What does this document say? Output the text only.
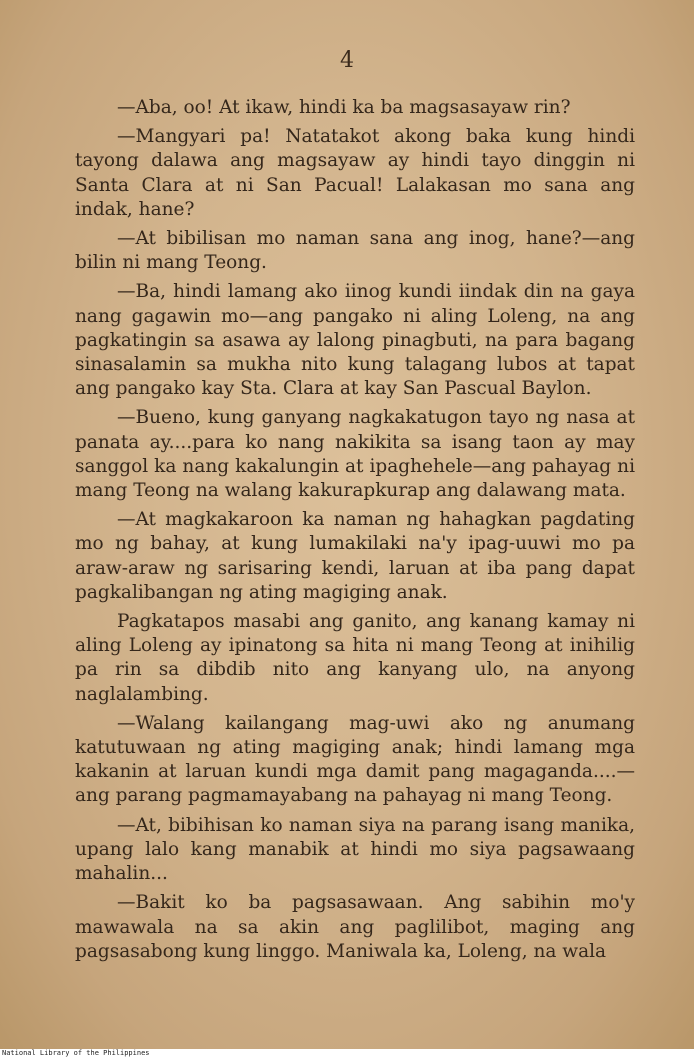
4

—Aba, oo! At ikaw, hindi ka ba magsasayaw rin?

—Mangyari pa! Natatakot akong baka kung hindi tayong dalawa ang magsayaw ay hindi tayo dinggin ni Santa Clara at ni San Pacual! Lalakasan mo sana ang indak, hane?

—At bibilisan mo naman sana ang inog, hane?—ang bilin ni mang Teong.

—Ba, hindi lamang ako iinog kundi iindak din na gaya nang gagawin mo—ang pangako ni aling Loleng, na ang pagkatingin sa asawa ay lalong pinagbuti, na para bagang sinasalamin sa mukha nito kung talagang lubos at tapat ang pangako kay Sta. Clara at kay San Pascual Baylon.

—Bueno, kung ganyang nagkakatugon tayo ng nasa at panata ay....para ko nang nakikita sa isang taon ay may sanggol ka nang kakalungin at ipaghehele—ang pahayag ni mang Teong na walang kakurapkurap ang dalawang mata.

—At magkakaroon ka naman ng hahagkan pagdating mo ng bahay, at kung lumakilaki na'y ipag-uuwi mo pa araw-araw ng sarisaring kendi, laruan at iba pang dapat pagkalibangan ng ating magiging anak.

Pagkatapos masabi ang ganito, ang kanang kamay ni aling Loleng ay ipinatong sa hita ni mang Teong at inihilig pa rin sa dibdib nito ang kanyang ulo, na anyong naglalambing.

—Walang kailangang mag-uwi ako ng anumang katutuwaan ng ating magiging anak; hindi lamang mga kakanin at laruan kundi mga damit pang magaganda....—ang parang pagmamayabang na pahayag ni mang Teong.

—At, bibihisan ko naman siya na parang isang manika, upang lalo kang manabik at hindi mo siya pagsawaang mahalin...

—Bakit ko ba pagsasawaan. Ang sabihin mo'y mawawala na sa akin ang paglilibot, maging ang pagsasabong kung linggo. Maniwala ka, Loleng, na wala

National Library of the Philippines
